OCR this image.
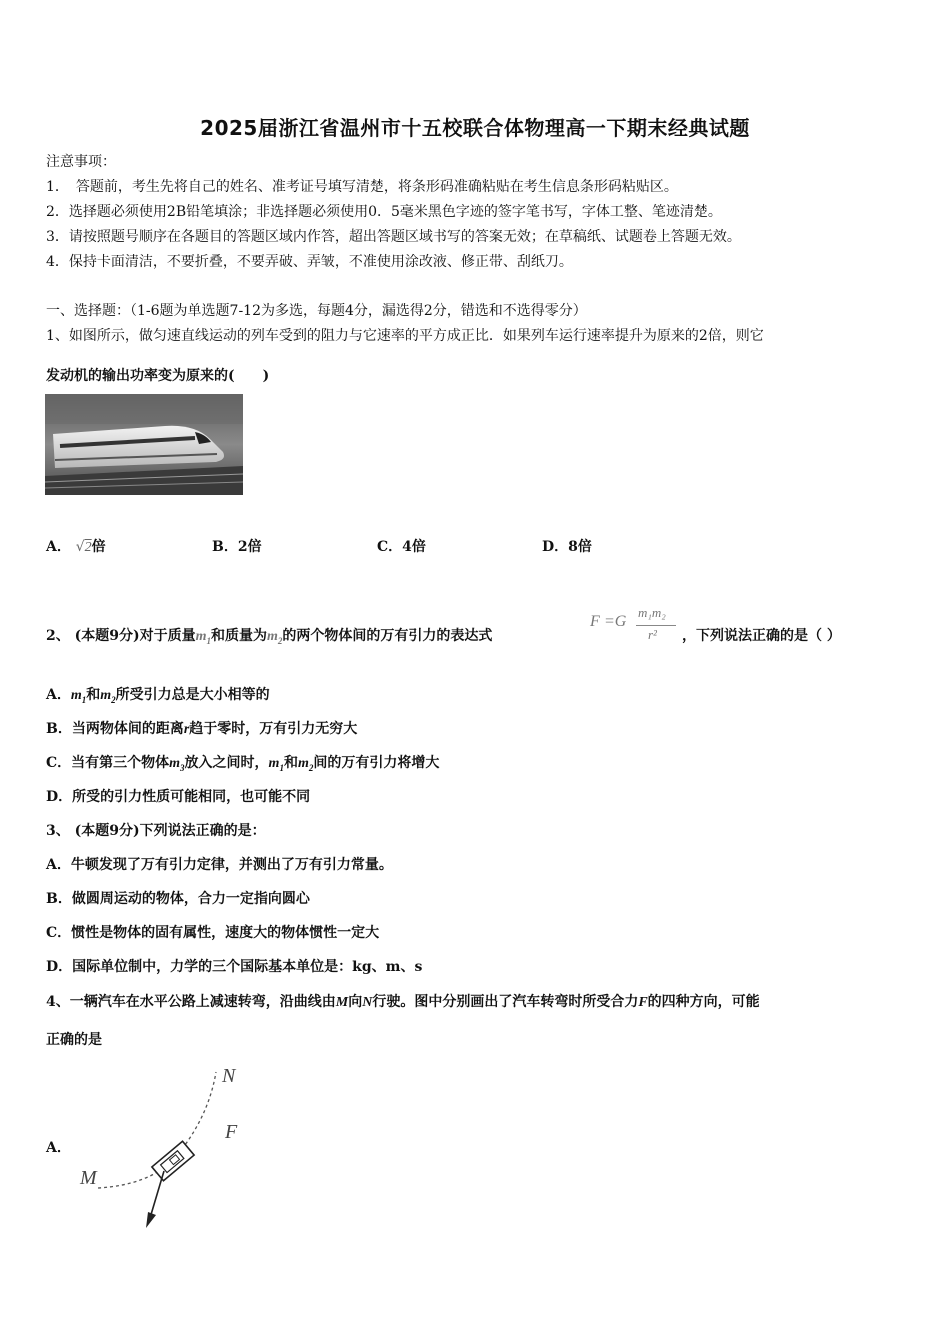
2025届浙江省温州市十五校联合体物理高一下期末经典试题
注意事项：
1．　答题前，考生先将自己的姓名、准考证号填写清楚，将条形码准确粘贴在考生信息条形码粘贴区。
2．选择题必须使用2B铅笔填涂；非选择题必须使用0．5毫米黑色字迹的签字笔书写，字体工整、笔迹清楚。
3．请按照题号顺序在各题目的答题区域内作答，超出答题区域书写的答案无效；在草稿纸、试题卷上答题无效。
4．保持卡面清洁，不要折叠，不要弄破、弄皱，不准使用涂改液、修正带、刮纸刀。
一、选择题：（1-6题为单选题7-12为多选，每题4分，漏选得2分，错选和不选得零分）
1、如图所示，做匀速直线运动的列车受到的阻力与它速率的平方成正比．如果列车运行速率提升为原来的2倍，则它
发动机的输出功率变为原来的(　　)
A． √2倍	B．2倍	C．4倍	D．8倍
2、 (本题9分)对于质量$m_1$和质量为$m_2$的两个物体间的万有引力的表达式
F =G
m₁m₂
r² ，下列说法正确的是（ ）
A．$m_1$和$m_2$所受引力总是大小相等的
B．当两物体间的距离r趋于零时，万有引力无穷大
C．当有第三个物体$m_3$放入之间时，$m_1$和$m_2$间的万有引力将增大
D．所受的引力性质可能相同，也可能不同
3、 (本题9分)下列说法正确的是：
A．牛顿发现了万有引力定律，并测出了万有引力常量。
B．做圆周运动的物体，合力一定指向圆心
C．惯性是物体的固有属性，速度大的物体惯性一定大
D．国际单位制中，力学的三个国际基本单位是：kg、m、s
4、一辆汽车在水平公路上减速转弯，沿曲线由M向N行驶。图中分别画出了汽车转弯时所受合力F的四种方向，可能
正确的是
A．
N
F
M
